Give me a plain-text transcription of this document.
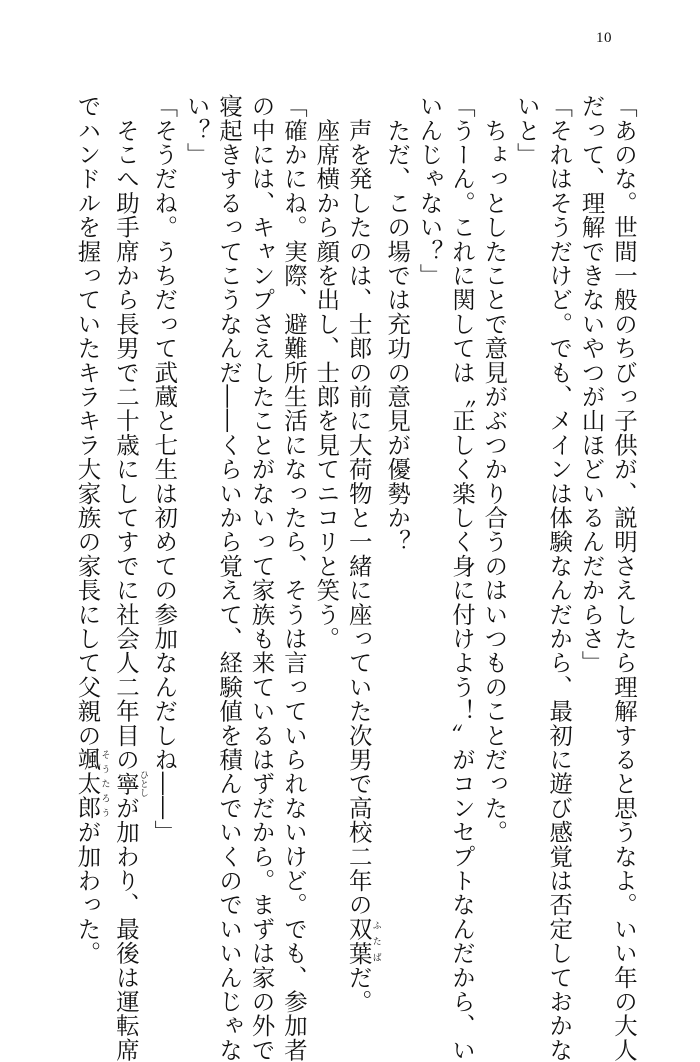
10
「あのな。世間一般のちびっ子供が、説明さえしたら理解すると思うなよ。いい年の大人
だって、理解できないやつが山ほどいるんだからさ」
「それはそうだけど。でも、メインは体験なんだから、最初に遊び感覚は否定しておかな
いと」
　ちょっとしたことで意見がぶつかり合うのはいつものことだった。
「うーん。これに関しては〝正しく楽しく身に付けよう！〟がコンセプトなんだから、い
いんじゃない？」
　ただ、この場では充功の意見が優勢か？
　声を発したのは、士郎の前に大荷物と一緒に座っていた次男で高校二年の双葉ふたばだ。
　座席横から顔を出し、士郎を見てニコリと笑う。
「確かにね。実際、避難所生活になったら、そうは言っていられないけど。でも、参加者
の中には、キャンプさえしたことがないって家族も来ているはずだから。まずは家の外で
寝起きするってこうなんだ――くらいから覚えて、経験値を積んでいくのでいいんじゃな
い？」
「そうだね。うちだって武蔵と七生は初めての参加なんだしね――」
　そこへ助手席から長男で二十歳にしてすでに社会人二年目の寧ひとしが加わり、最後は運転席
でハンドルを握っていたキラキラ大家族の家長にして父親の颯太郎そうたろうが加わった。
